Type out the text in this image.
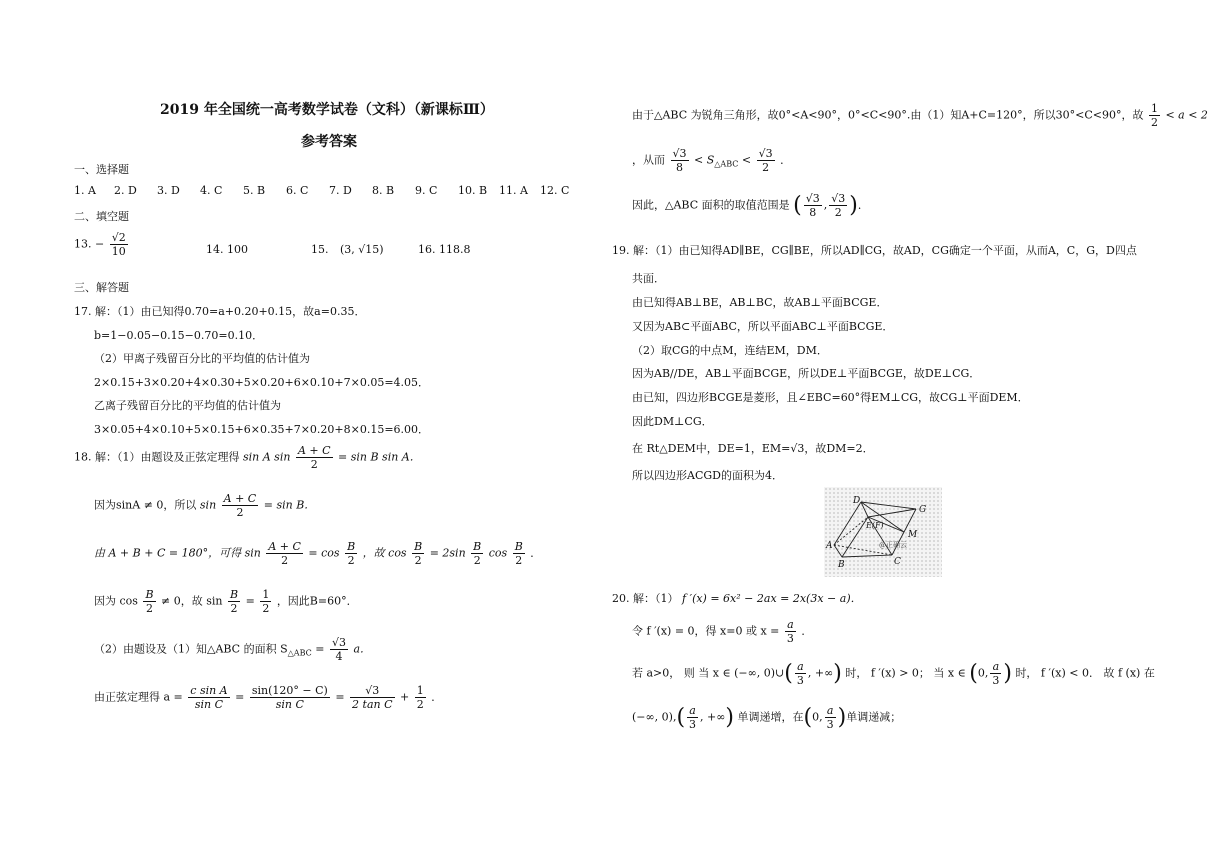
2019 年全国统一高考数学试卷（文科）（新课标Ⅲ）
参考答案
一、选择题
1. A 2. D 3. D 4. C 5. B 6. C 7. D 8. B 9. C 10. B 11. A 12. C
二、填空题
13. − $\frac{√2}{10}$	14. 100	15. (3, √15)	16. 118.8
三、解答题
17. 解：（1）由已知得0.70=a+0.20+0.15，故a=0.35．
b=1−0.05−0.15−0.70=0.10．
（2）甲离子残留百分比的平均值的估计值为
2×0.15+3×0.20+4×0.30+5×0.20+6×0.10+7×0.05=4.05．
乙离子残留百分比的平均值的估计值为
3×0.05+4×0.10+5×0.15+6×0.35+7×0.20+8×0.15=6.00．
18. 解：（1）由题设及正弦定理得 sin A $\sin \frac{A + C}{2} = \sin B$ sin A．
因为sinA ≠ 0，所以 $\sin \frac{A + C}{2} = \sin B$．
由 A + B + C = 180°，可得 $\sin \frac{A + C}{2} = \cos \frac{B}{2}$ ，故 $\cos \frac{B}{2} = 2\sin \frac{B}{2}$ $\cos \frac{B}{2}$ ．
因为 $\cos \frac{B}{2} \ne 0$，故 $\sin \frac{B}{2} = \frac{1}{2}$ ，因此B=60°．
（2）由题设及（1）知△ABC 的面积 $S_{\triangle ABC} = \frac{√3}{4}$ a．
由正弦定理得 $a = \frac{\text{c sin A}}{\text{sin C}} = \frac{\sin(120^\circ - C)}{\text{sin C}} = \frac{√3}{\text{2 tan C}} + \frac{1}{2}$ ．
由于△ABC 为锐角三角形，故0°<A<90°，0°<C<90°.由（1）知A+C=120°，所以30°<C<90°，故 $\frac{1}{2} < a < 2$
，从而 $\frac{√3}{8} < S_{\triangle ABC} < \frac{√3}{2}$ ．
因此，△ABC 面积的取值范围是 ( $\frac{√3}{8}$ , $\frac{√3}{2}$ )．
19. 解：（1）由已知得AD∥BE，CG∥BE，所以AD∥CG，故AD，CG确定一个平面，从而A，C，G，D四点
共面．
由已知得AB⊥BE，AB⊥BC，故AB⊥平面BCGE．
又因为AB⊂平面ABC，所以平面ABC⊥平面BCGE．
（2）取CG的中点M，连结EM，DM．
因为AB//DE，AB⊥平面BCGE，所以DE⊥平面BCGE，故DE⊥CG．
由已知，四边形BCGE是菱形，且∠EBC=60°得EM⊥CG，故CG⊥平面DEM．
因此DM⊥CG．
在 Rt△DEM中，DE=1，EM=√3，故DM=2．
所以四边形ACGD的面积为4．
D
G
E(F)
M
A
B	C
@正确云
20. 解：（1） f ′(x) = 6x² − 2ax = 2x(3x − a)．
令 f ′(x) = 0，得 x=0 或 $x = \frac{a}{3}$ ．
若 a>0， 则 当 x ∈ (−∞, 0)∪( $\frac{a}{3}$ , +∞) 时， f ′(x) > 0； 当 x ∈ (0, $\frac{a}{3}$ ) 时， f ′(x) < 0． 故 f (x) 在
(−∞, $0),( \frac{a}{3}$ , +∞) 单调递增，在(0, $\frac{a}{3}$ )单调递减；
